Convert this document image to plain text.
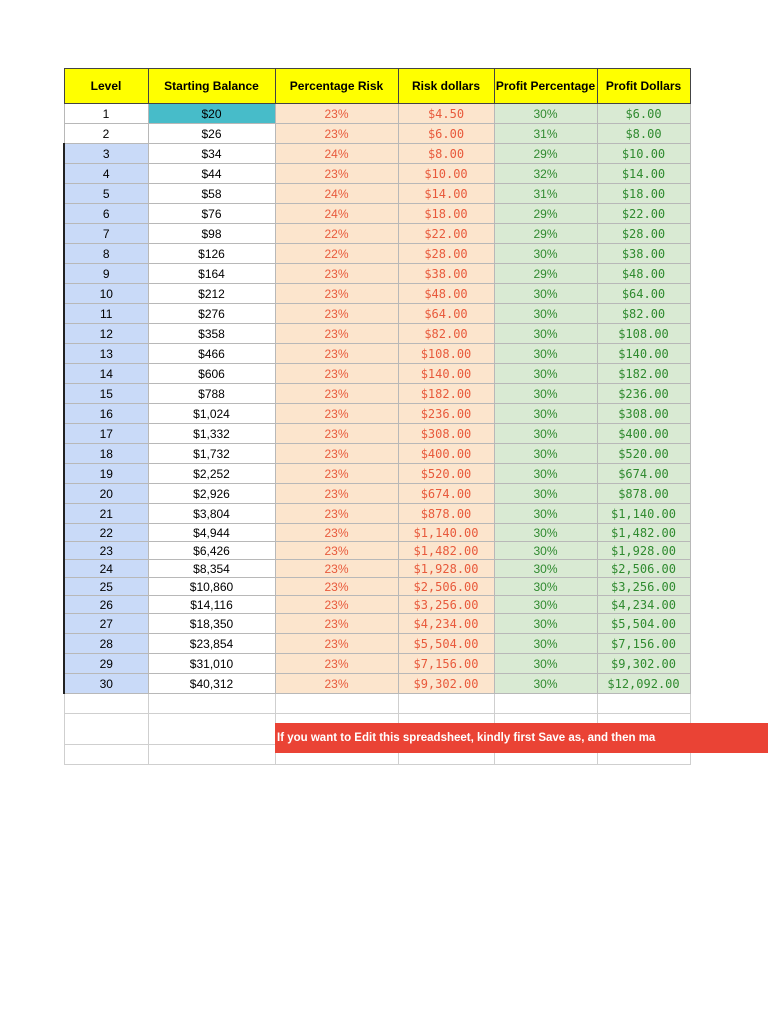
Level	Starting Balance	Percentage Risk	Risk dollars	Profit Percentage	Profit Dollars
1	$20	23%	$4.50	30%	$6.00
2	$26	23%	$6.00	31%	$8.00
3	$34	24%	$8.00	29%	$10.00
4	$44	23%	$10.00	32%	$14.00
5	$58	24%	$14.00	31%	$18.00
6	$76	24%	$18.00	29%	$22.00
7	$98	22%	$22.00	29%	$28.00
8	$126	22%	$28.00	30%	$38.00
9	$164	23%	$38.00	29%	$48.00
10	$212	23%	$48.00	30%	$64.00
11	$276	23%	$64.00	30%	$82.00
12	$358	23%	$82.00	30%	$108.00
13	$466	23%	$108.00	30%	$140.00
14	$606	23%	$140.00	30%	$182.00
15	$788	23%	$182.00	30%	$236.00
16	$1,024	23%	$236.00	30%	$308.00
17	$1,332	23%	$308.00	30%	$400.00
18	$1,732	23%	$400.00	30%	$520.00
19	$2,252	23%	$520.00	30%	$674.00
20	$2,926	23%	$674.00	30%	$878.00
21	$3,804	23%	$878.00	30%	$1,140.00
22	$4,944	23%	$1,140.00	30%	$1,482.00
23	$6,426	23%	$1,482.00	30%	$1,928.00
24	$8,354	23%	$1,928.00	30%	$2,506.00
25	$10,860	23%	$2,506.00	30%	$3,256.00
26	$14,116	23%	$3,256.00	30%	$4,234.00
27	$18,350	23%	$4,234.00	30%	$5,504.00
28	$23,854	23%	$5,504.00	30%	$7,156.00
29	$31,010	23%	$7,156.00	30%	$9,302.00
30	$40,312	23%	$9,302.00	30%	$12,092.00

If you want to Edit this spreadsheet, kindly first Save as, and then ma
